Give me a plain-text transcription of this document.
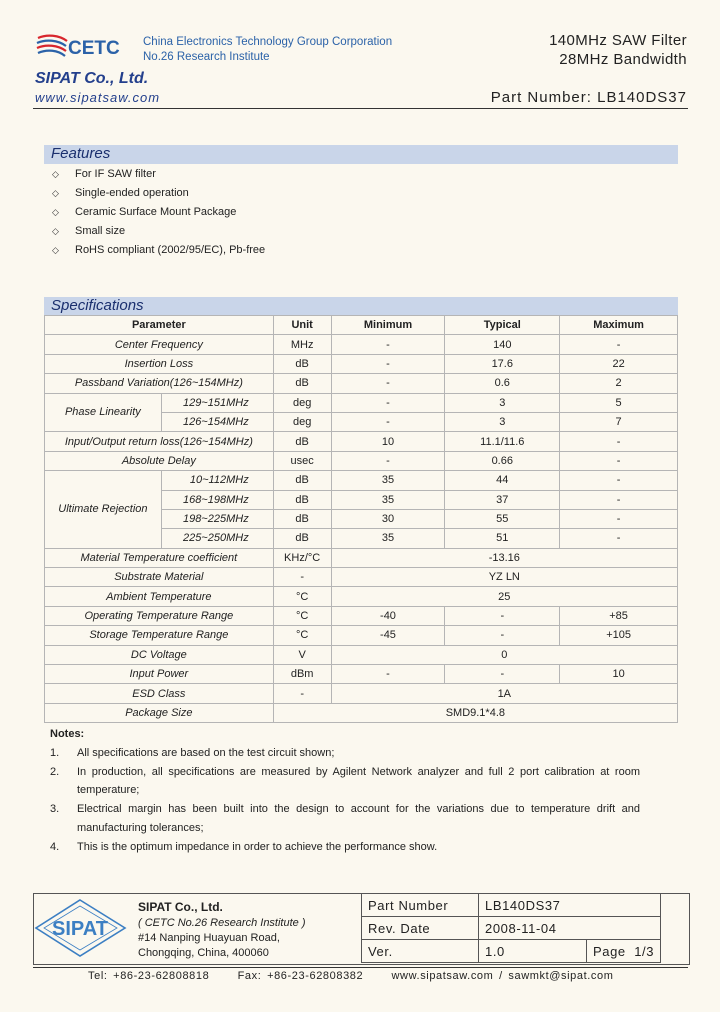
CETC China Electronics Technology Group Corporation
No.26 Research Institute
140MHz SAW Filter
28MHz Bandwidth
SIPAT Co., Ltd.
www.sipatsaw.com	Part Number: LB140DS37
Features
◇ For IF SAW filter
◇ Single-ended operation
◇ Ceramic Surface Mount Package
◇ Small size
◇ RoHS compliant (2002/95/EC), Pb-free
Specifications
Parameter		Unit	Minimum	Typical	Maximum
Center Frequency		MHz	-	140	-
Insertion Loss		dB	-	17.6	22
Passband Variation(126~154MHz)		dB	-	0.6	2
Phase Linearity	129~151MHz	deg	-	3	5
	126~154MHz	deg	-	3	7
Input/Output return loss(126~154MHz)		dB	10	11.1/11.6	-
Absolute Delay		usec	-	0.66	-
Ultimate Rejection	10~112MHz	dB	35	44	-
	168~198MHz	dB	35	37	-
	198~225MHz	dB	30	55	-
	225~250MHz	dB	35	51	-
Material Temperature coefficient		KHz/°C	-13.16		
Substrate Material		-	YZ LN		
Ambient Temperature		°C	25		
Operating Temperature Range		°C	-40	-	+85
Storage Temperature Range		°C	-45	-	+105
DC Voltage		V	0		
Input Power		dBm	-	-	10
ESD Class		-	1A		
Package Size		SMD9.1*4.8			
Notes:
1.	All specifications are based on the test circuit shown;
2.	In production, all specifications are measured by Agilent Network analyzer and full 2 port calibration at room temperature;
3.	Electrical margin has been built into the design to account for the variations due to temperature drift and manufacturing tolerances;
4.	This is the optimum impedance in order to achieve the performance show.
SIPAT
SIPAT Co., Ltd.
( CETC No.26 Research Institute )
#14 Nanping Huayuan Road,
Chongqing, China, 400060
Part Number	LB140DS37	
Rev. Date	2008-11-04	
Ver.	1.0	Page 1/3
Tel: +86-23-62808818     Fax: +86-23-62808382     www.sipatsaw.com / sawmkt@sipat.com
